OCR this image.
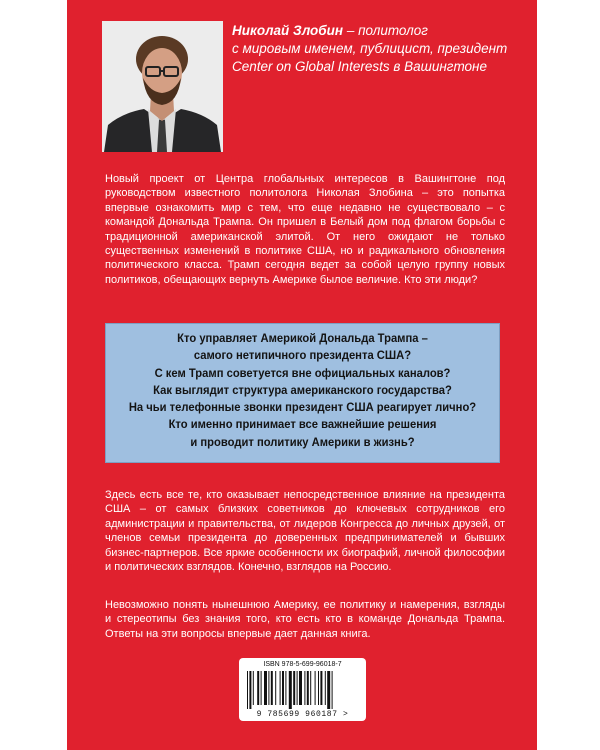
Николай Злобин – политолог
с мировым именем, публицист, президент
Center on Global Interests в Вашингтоне
Новый проект от Центра глобальных интересов в Вашингтоне под руководством известного политолога Николая Злобина – это попытка впервые ознакомить мир с тем, что еще недавно не существовало – с командой Дональда Трампа. Он пришел в Белый дом под флагом борьбы с традиционной американской элитой. От него ожидают не только существенных изменений в политике США, но и радикального обновления политического класса. Трамп сегодня ведет за собой целую группу новых политиков, обещающих вернуть Америке былое величие. Кто эти люди?
Кто управляет Америкой Дональда Трампа –
самого нетипичного президента США?
С кем Трамп советуется вне официальных каналов?
Как выглядит структура американского государства?
На чьи телефонные звонки президент США реагирует лично?
Кто именно принимает все важнейшие решения
и проводит политику Америки в жизнь?
Здесь есть все те, кто оказывает непосредственное влияние на президента США – от самых близких советников до ключевых сотрудников его администрации и правительства, от лидеров Конгресса до личных друзей, от членов семьи президента до доверенных предпринимателей и бывших бизнес-партнеров. Все яркие особенности их биографий, личной философии и политических взглядов. Конечно, взглядов на Россию.
Невозможно понять нынешнюю Америку, ее политику и намерения, взгляды и стереотипы без знания того, кто есть кто в команде Дональда Трампа. Ответы на эти вопросы впервые дает данная книга.
ISBN 978-5-699-96018-7
9 785699 960187 >
